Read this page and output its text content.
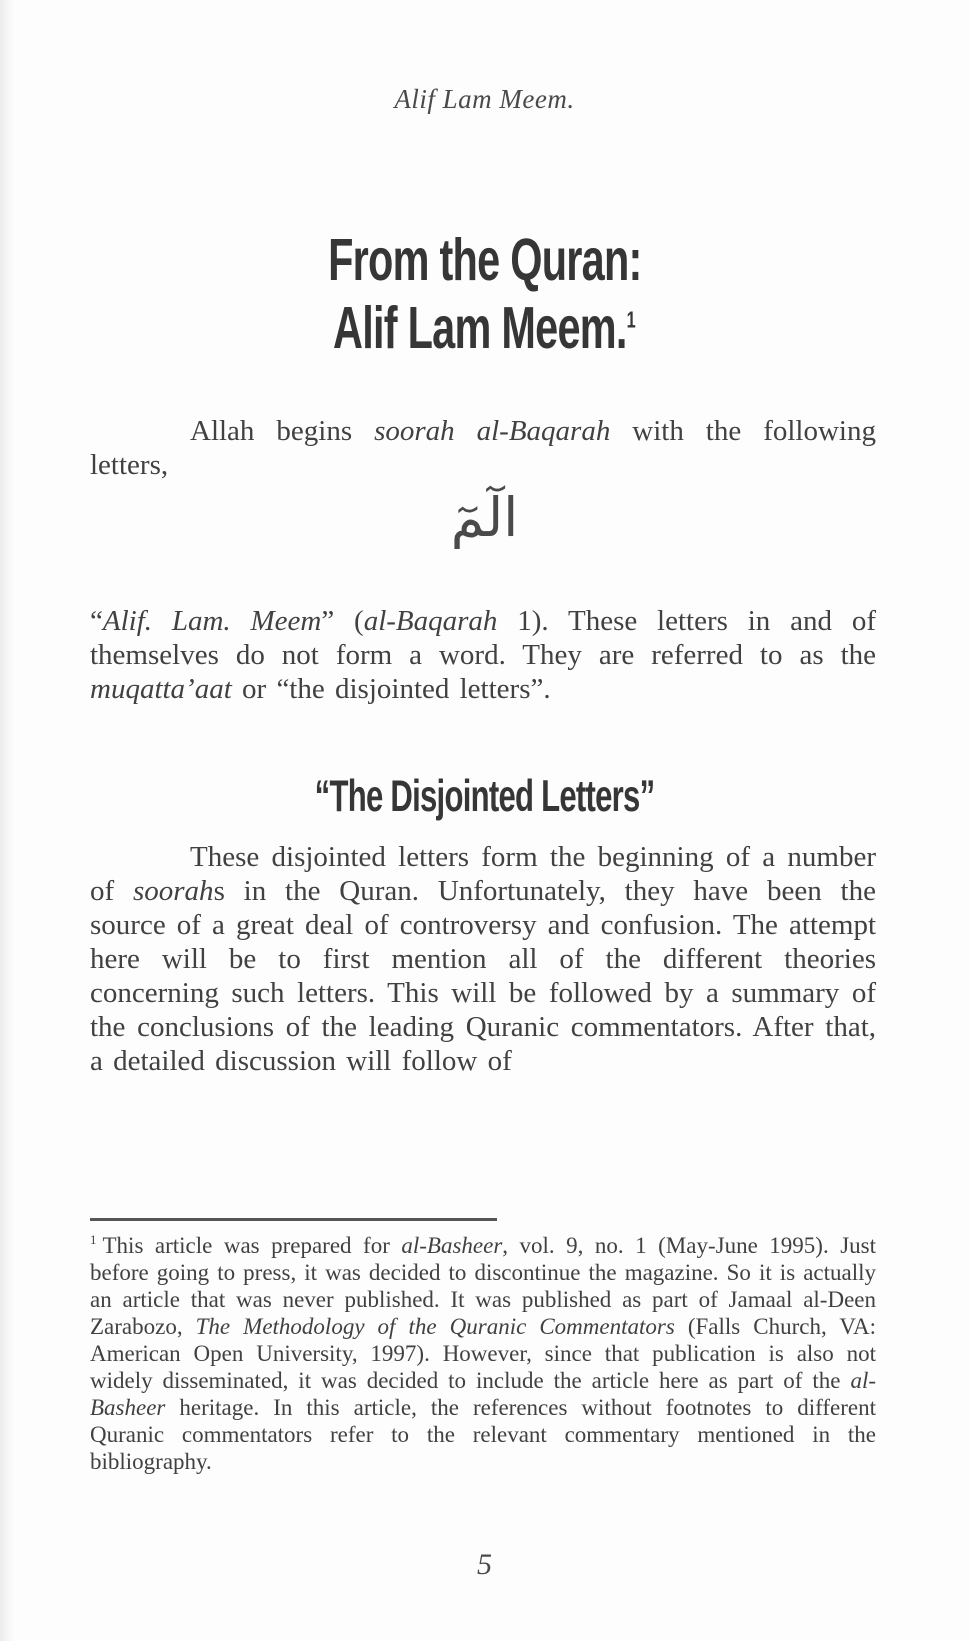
Alif Lam Meem.
From the Quran:
Alif Lam Meem.$^1$
Allah begins soorah al-Baqarah with the following letters,
الٓمٓ
“Alif. Lam. Meem” (al-Baqarah 1). These letters in and of themselves do not form a word. They are referred to as the muqatta’aat or “the disjointed letters”.
“The Disjointed Letters”
These disjointed letters form the beginning of a number of soorahs in the Quran. Unfortunately, they have been the source of a great deal of controversy and confusion. The attempt here will be to first mention all of the different theories concerning such letters. This will be followed by a summary of the conclusions of the leading Quranic commentators. After that, a detailed discussion will follow of
$^1$ This article was prepared for al-Basheer, vol. 9, no. 1 (May-June 1995). Just before going to press, it was decided to discontinue the magazine. So it is actually an article that was never published. It was published as part of Jamaal al-Deen Zarabozo, The Methodology of the Quranic Commentators (Falls Church, VA: American Open University, 1997). However, since that publication is also not widely disseminated, it was decided to include the article here as part of the al-Basheer heritage. In this article, the references without footnotes to different Quranic commentators refer to the relevant commentary mentioned in the bibliography.
5
